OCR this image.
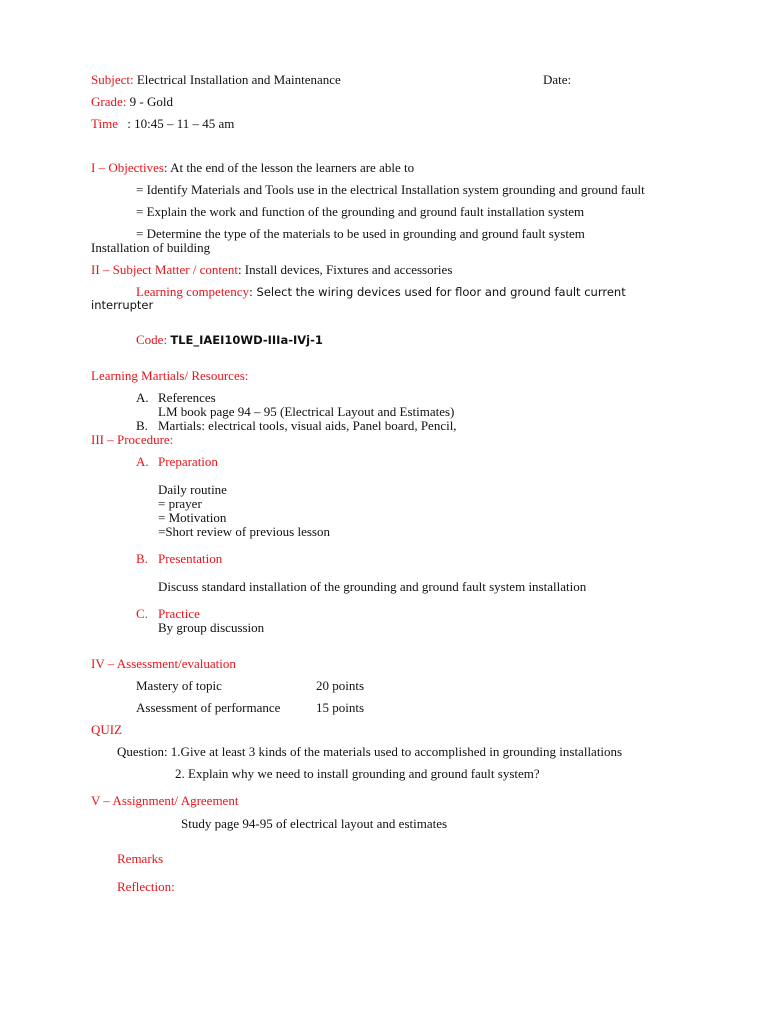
Subject: Electrical Installation and Maintenance	Date:
Grade: 9 - Gold
Time : 10:45 – 11 – 45 am
I – Objectives: At the end of the lesson the learners are able to
= Identify Materials and Tools use in the electrical Installation system grounding and ground fault
= Explain the work and function of the grounding and ground fault installation system
= Determine the type of the materials to be used in grounding and ground fault system
Installation of building
II – Subject Matter / content: Install devices, Fixtures and accessories
Learning competency: Select the wiring devices used for floor and ground fault current
interrupter
Code: TLE_IAEI10WD-IIIa-IVj-1
Learning Martials/ Resources:
A. References
LM book page 94 – 95 (Electrical Layout and Estimates)
B. Martials: electrical tools, visual aids, Panel board, Pencil,
III – Procedure:
A. Preparation
Daily routine
= prayer
= Motivation
=Short review of previous lesson
B. Presentation
Discuss standard installation of the grounding and ground fault system installation
C. Practice
By group discussion
IV – Assessment/evaluation
Mastery of topic	20 points
Assessment of performance	15 points
QUIZ
Question: 1.Give at least 3 kinds of the materials used to accomplished in grounding installations
2. Explain why we need to install grounding and ground fault system?
V – Assignment/ Agreement
Study page 94-95 of electrical layout and estimates
Remarks
Reflection:
